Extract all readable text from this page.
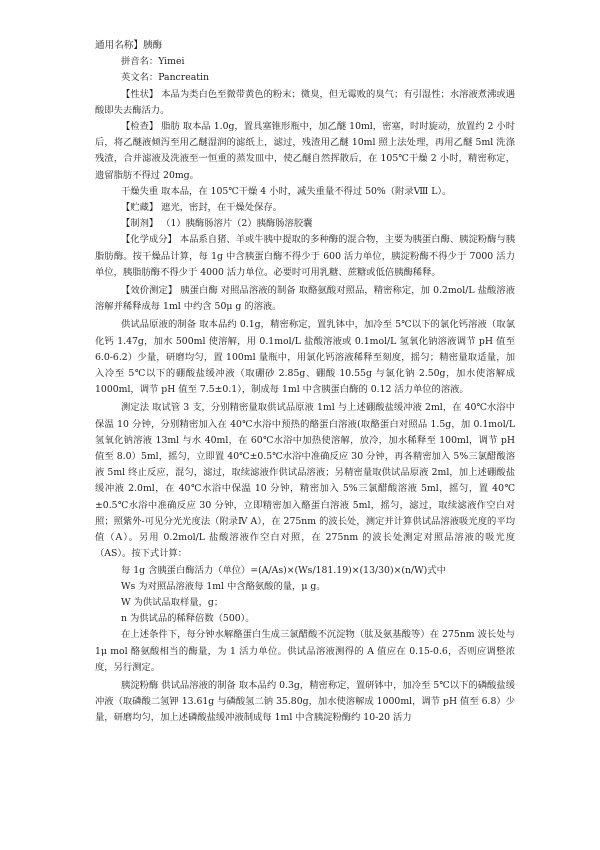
通用名称】胰酶

拼音名：Yimei

英文名：Pancreatin

【性状】 本品为类白色至微带黄色的粉末；微臭，但无霉败的臭气；有引湿性；水溶液煮沸或遇酸即失去酶活力。

【检查】 脂肪 取本品 1.0g，置具塞锥形瓶中，加乙醚 10ml，密塞，时时旋动，放置约 2 小时后，将乙醚液倾泻至用乙醚湿润的滤纸上，滤过，残渣用乙醚 10ml 照上法处理，再用乙醚 5ml 洗涤残渣，合并滤液及洗液至一恒重的蒸发皿中，使乙醚自然挥散后，在 105℃干燥 2 小时，精密称定，遗留脂肪不得过 20mg。

干燥失重 取本品，在 105℃干燥 4 小时，减失重量不得过 50%（附录Ⅷ L）。

【贮藏】 遮光，密封，在干燥处保存。

【制剂】 （1）胰酶肠溶片（2）胰酶肠溶胶囊

【化学成分】 本品系自猪、羊或牛胰中提取的多种酶的混合物，主要为胰蛋白酶、胰淀粉酶与胰脂肪酶。按干燥品计算，每 1g 中含胰蛋白酶不得少于 600 活力单位，胰淀粉酶不得少于 7000 活力单位，胰脂肪酶不得少于 4000 活力单位。必要时可用乳糖、蔗糖或低倍胰酶稀释。

【效价测定】 胰蛋白酶 对照品溶液的制备 取酪氨酸对照品，精密称定，加 0.2mol/L 盐酸溶液溶解并稀释成每 1ml 中约含 50μ g 的溶液。

供试品原液的制备 取本品约 0.1g，精密称定，置乳钵中，加冷至 5℃以下的氯化钙溶液（取氯化钙 1.47g，加水 500ml 使溶解，用 0.1mol/L 盐酸溶液或 0.1mol/L 氢氧化钠溶液调节 pH 值至 6.0-6.2）少量，研磨均匀，置 100ml 量瓶中，用氯化钙溶液稀释至刻度，摇匀；精密量取适量，加入冷至 5℃以下的硼酸盐缓冲液（取硼砂 2.85g、硼酸 10.55g 与氯化钠 2.50g，加水使溶解成 1000ml，调节 pH 值至 7.5±0.1），制成每 1ml 中含胰蛋白酶的 0.12 活力单位的溶液。

测定法 取试管 3 支，分别精密量取供试品原液 1ml 与上述硼酸盐缓冲液 2ml，在 40℃水浴中保温 10 分钟，分别精密加入在 40℃水浴中预热的酪蛋白溶液(取酪蛋白对照品 1.5g，加 0.1mol/L 氢氧化钠溶液 13ml 与水 40ml，在 60℃水浴中加热使溶解，放冷，加水稀释至 100ml，调节 pH 值至 8.0）5ml，摇匀，立即置 40℃±0.5℃水浴中准确反应 30 分钟，再各精密加入 5%三氯醋酸溶液 5ml 终止反应，混匀，滤过，取续滤液作供试品溶液；另精密量取供试品原液 2ml，加上述硼酸盐缓冲液 2.0ml，在 40℃水浴中保温 10 分钟，精密加入 5%三氯醋酸溶液 5ml，摇匀，置 40℃±0.5℃水浴中准确反应 30 分钟，立即精密加入酪蛋白溶液 5ml，摇匀，滤过，取续滤液作空白对照；照紫外-可见分光光度法（附录Ⅳ A），在 275nm 的波长处，测定并计算供试品溶液吸光度的平均值（A）。另用 0.2mol/L 盐酸溶液作空白对照，在 275nm 的波长处测定对照品溶液的吸光度（AS）。按下式计算：

每 1g 含胰蛋白酶活力（单位）=(A/As)×(Ws/181.19)×(13/30)×(n/W)式中

Ws 为对照品溶液每 1ml 中含酪氨酸的量，μ g。

W 为供试品取样量，g；

n 为供试品的稀释倍数（500）。

在上述条件下，每分钟水解酪蛋白生成三氯醋酸不沉淀物（肽及氨基酸等）在 275nm 波长处与 1μ mol 酪氨酸相当的酶量，为 1 活力单位。供试品溶液测得的 A 值应在 0.15-0.6，否则应调整浓度，另行测定。

胰淀粉酶 供试品溶液的制备 取本品约 0.3g，精密称定，置研钵中，加冷至 5℃以下的磷酸盐缓冲液（取磷酸二氢钾 13.61g 与磷酸氢二钠 35.80g，加水使溶解成 1000ml，调节 pH 值至 6.8）少量，研磨均匀，加上述磷酸盐缓冲液制成每 1ml 中含胰淀粉酶约 10-20 活力
